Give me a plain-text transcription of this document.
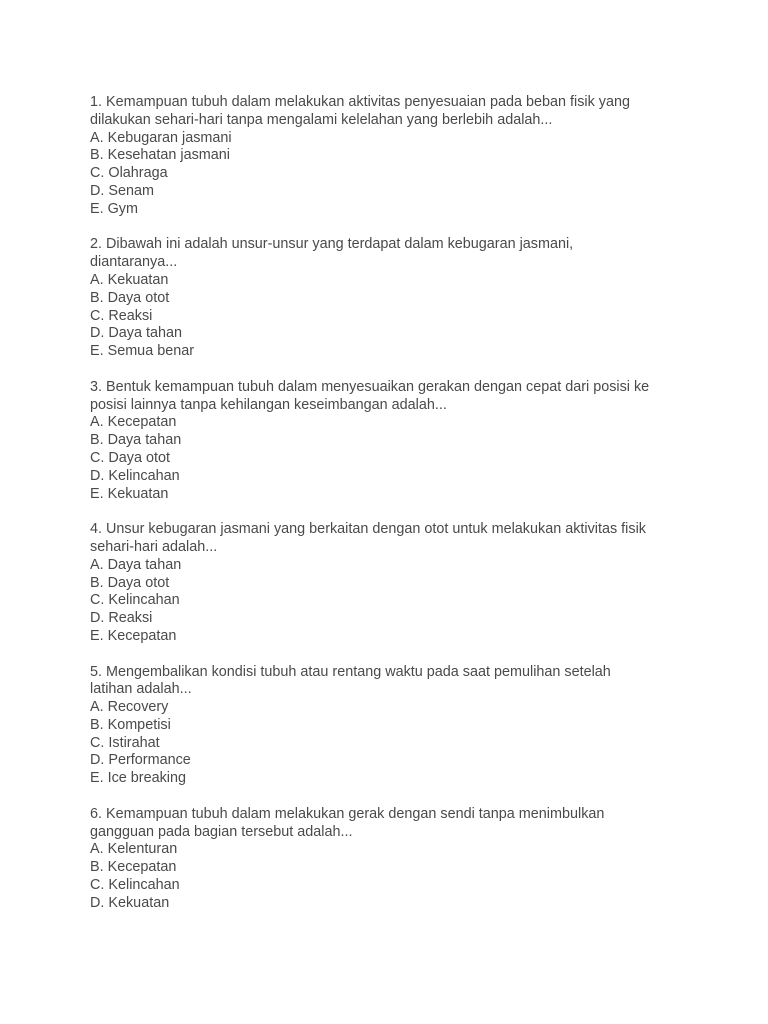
1. Kemampuan tubuh dalam melakukan aktivitas penyesuaian pada beban fisik yang
dilakukan sehari-hari tanpa mengalami kelelahan yang berlebih adalah...
A. Kebugaran jasmani
B. Kesehatan jasmani
C. Olahraga
D. Senam
E. Gym
2. Dibawah ini adalah unsur-unsur yang terdapat dalam kebugaran jasmani,
diantaranya...
A. Kekuatan
B. Daya otot
C. Reaksi
D. Daya tahan
E. Semua benar
3. Bentuk kemampuan tubuh dalam menyesuaikan gerakan dengan cepat dari posisi ke
posisi lainnya tanpa kehilangan keseimbangan adalah...
A. Kecepatan
B. Daya tahan
C. Daya otot
D. Kelincahan
E. Kekuatan
4. Unsur kebugaran jasmani yang berkaitan dengan otot untuk melakukan aktivitas fisik
sehari-hari adalah...
A. Daya tahan
B. Daya otot
C. Kelincahan
D. Reaksi
E. Kecepatan
5. Mengembalikan kondisi tubuh atau rentang waktu pada saat pemulihan setelah
latihan adalah...
A. Recovery
B. Kompetisi
C. Istirahat
D. Performance
E. Ice breaking
6. Kemampuan tubuh dalam melakukan gerak dengan sendi tanpa menimbulkan
gangguan pada bagian tersebut adalah...
A. Kelenturan
B. Kecepatan
C. Kelincahan
D. Kekuatan
